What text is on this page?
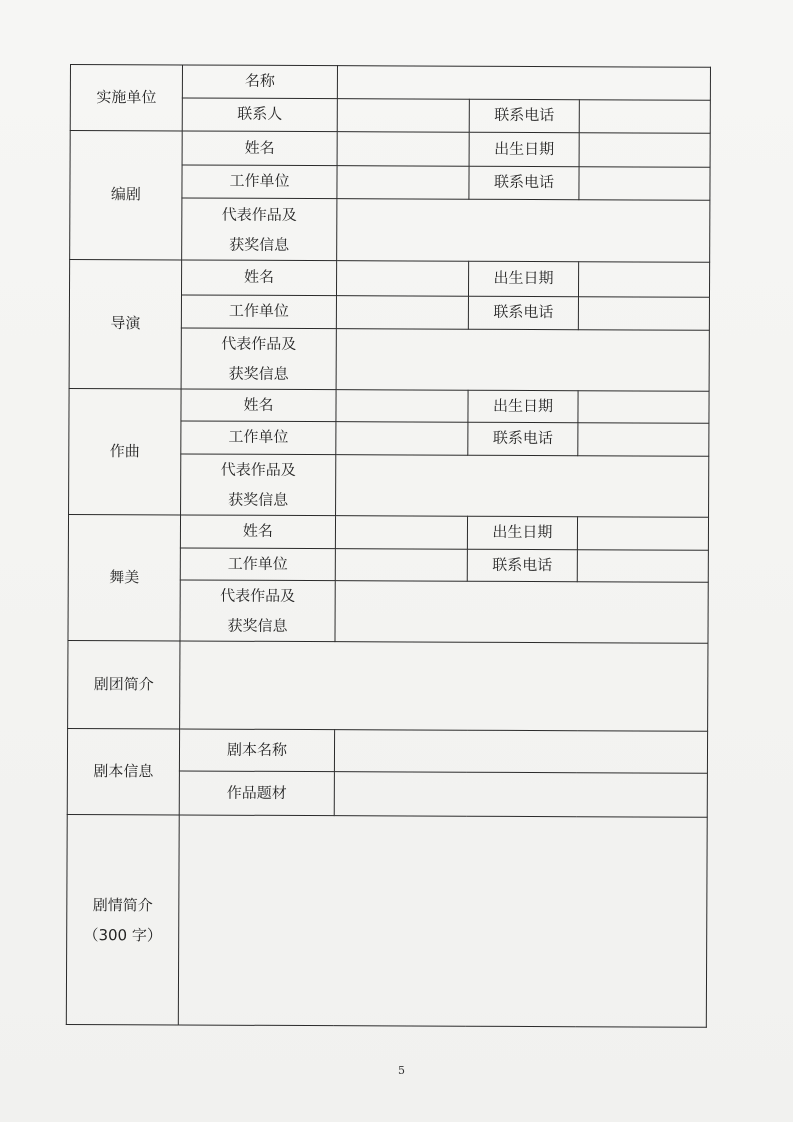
实施单位	名称			
	联系人		联系电话	
编剧	姓名		出生日期	
	工作单位		联系电话	

	代表作品及
获奖信息			

导演	姓名		出生日期	
	工作单位		联系电话	

	代表作品及
获奖信息			

作曲	姓名		出生日期	
	工作单位		联系电话	

	代表作品及
获奖信息			

舞美	姓名		出生日期	
	工作单位		联系电话	

	代表作品及
获奖信息			

剧团简介				
剧本信息	剧本名称			
	作品题材			

剧情简介
（300 字）				

5
